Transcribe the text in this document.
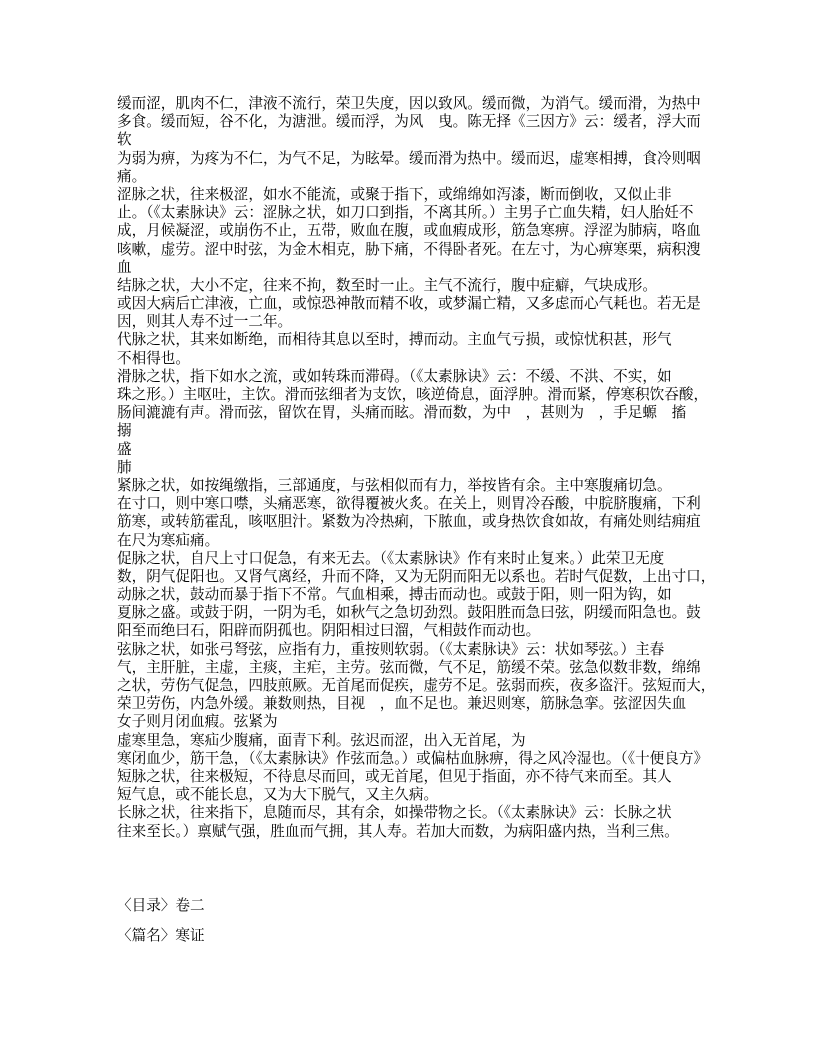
缓而涩，肌肉不仁，津液不流行，荣卫失度，因以致风。缓而微，为消气。缓而滑，为热中
多食。缓而短，谷不化，为溏泄。缓而浮，为风　曳。陈无择《三因方》云：缓者，浮大而
软
为弱为痹，为疼为不仁，为气不足，为眩晕。缓而滑为热中。缓而迟，虚寒相搏，食冷则咽
痛。
涩脉之状，往来极涩，如水不能流，或聚于指下，或绵绵如泻漆，断而倒收，又似止非
止。（《太素脉诀》云：涩脉之状，如刀口到指，不离其所。）主男子亡血失精，妇人胎妊不
成，月候凝涩，或崩伤不止，五带，败血在腹，或血瘕成形，筋急寒痹。浮涩为肺病，咯血
咳嗽，虚劳。涩中时弦，为金木相克，胁下痛，不得卧者死。在左寸，为心痹寒栗，病积溲
血
结脉之状，大小不定，往来不拘，数至时一止。主气不流行，腹中症癖，气块成形。
或因大病后亡津液，亡血，或惊恐神散而精不收，或梦漏亡精，又多虑而心气耗也。若无是
因，则其人寿不过一二年。
代脉之状，其来如断绝，而相待其息以至时，搏而动。主血气亏损，或惊忧积甚，形气
不相得也。
滑脉之状，指下如水之流，或如转珠而滞碍。（《太素脉诀》云：不缓、不洪、不实，如
珠之形。）主呕吐，主饮。滑而弦细者为支饮，咳逆倚息，面浮肿。滑而紧，停寒积饮吞酸，
肠间漉漉有声。滑而弦，留饮在胃，头痛而眩。滑而数，为中　，甚则为　，手足螈　搐
搦
盛
肺
紧脉之状，如按绳缴指，三部通度，与弦相似而有力，举按皆有余。主中寒腹痛切急。
在寸口，则中寒口噤，头痛恶寒，欲得覆被火炙。在关上，则胃冷吞酸，中脘脐腹痛，下利
筋寒，或转筋霍乱，咳呕胆汁。紧数为冷热痢，下脓血，或身热饮食如故，有痛处则结痈疽
在尺为寒疝痛。
促脉之状，自尺上寸口促急，有来无去。（《太素脉诀》作有来时止复来。）此荣卫无度
数，阴气促阳也。又肾气离经，升而不降，又为无阴而阳无以系也。若时气促数，上出寸口，
动脉之状，鼓动而暴于指下不常。气血相乘，搏击而动也。或鼓于阳，则一阳为钩，如
夏脉之盛。或鼓于阴，一阴为毛，如秋气之急切劲烈。鼓阳胜而急曰弦，阴缓而阳急也。鼓
阳至而绝曰石，阳辟而阴孤也。阴阳相过曰溜，气相鼓作而动也。
弦脉之状，如张弓弩弦，应指有力，重按则软弱。（《太素脉诀》云：状如琴弦。）主春
气，主肝脏，主虚，主痰，主疟，主劳。弦而微，气不足，筋缓不荣。弦急似数非数，绵绵
之状，劳伤气促急，四肢煎厥。无首尾而促疾，虚劳不足。弦弱而疾，夜多盗汗。弦短而大，
荣卫劳伤，内急外缓。兼数则热，目视　，血不足也。兼迟则寒，筋脉急挛。弦涩因失血
女子则月闭血瘕。弦紧为
虚寒里急，寒疝少腹痛，面青下利。弦迟而涩，出入无首尾，为
寒闭血少，筋干急，（《太素脉诀》作弦而急。）或偏枯血脉痹，得之风冷湿也。（《十便良方》
短脉之状，往来极短，不待息尽而回，或无首尾，但见于指面，亦不待气来而至。其人
短气息，或不能长息，又为大下脱气，又主久病。
长脉之状，往来指下，息随而尽，其有余，如操带物之长。（《太素脉诀》云：长脉之状
往来至长。）禀赋气强，胜血而气拥，其人寿。若加大而数，为病阳盛内热，当利三焦。
〈目录〉卷二
〈篇名〉寒证
